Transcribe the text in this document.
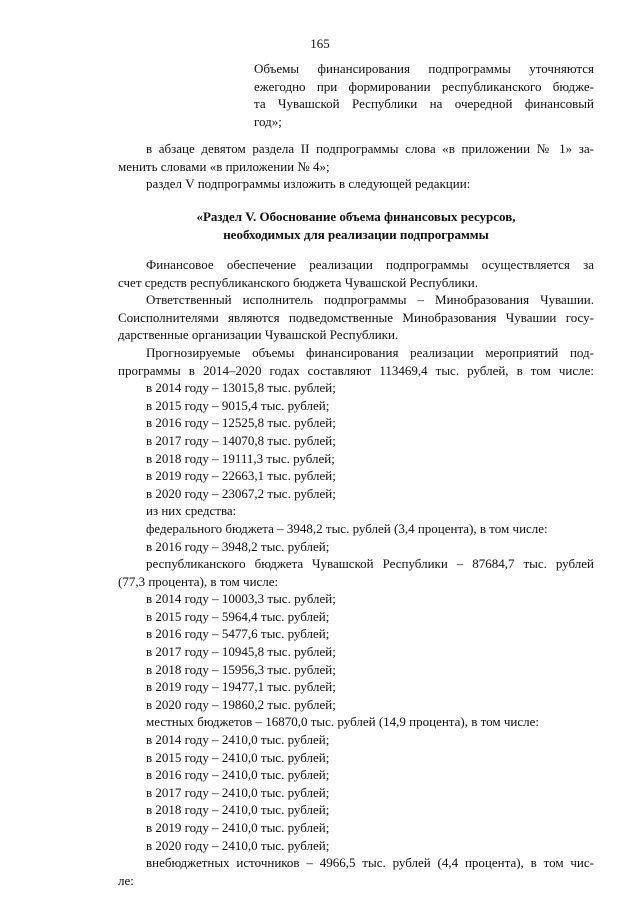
165
Объемы финансирования подпрограммы уточняются
ежегодно при формировании республиканского бюдже-
та Чувашской Республики на очередной финансовый
год»;
в абзаце девятом раздела II подпрограммы слова «в приложении № 1» за-
менить словами «в приложении № 4»;
раздел V подпрограммы изложить в следующей редакции:
«Раздел V. Обоснование объема финансовых ресурсов,
необходимых для реализации подпрограммы
Финансовое обеспечение реализации подпрограммы осуществляется за
счет средств республиканского бюджета Чувашской Республики.
Ответственный исполнитель подпрограммы – Минобразования Чувашии.
Соисполнителями являются подведомственные Минобразования Чувашии госу-
дарственные организации Чувашской Республики.
Прогнозируемые объемы финансирования реализации мероприятий под-
программы в 2014–2020 годах составляют 113469,4 тыс. рублей, в том числе:
в 2014 году – 13015,8 тыс. рублей;
в 2015 году – 9015,4 тыс. рублей;
в 2016 году – 12525,8 тыс. рублей;
в 2017 году – 14070,8 тыс. рублей;
в 2018 году – 19111,3 тыс. рублей;
в 2019 году – 22663,1 тыс. рублей;
в 2020 году – 23067,2 тыс. рублей;
из них средства:
федерального бюджета – 3948,2 тыс. рублей (3,4 процента), в том числе:
в 2016 году – 3948,2 тыс. рублей;
республиканского бюджета Чувашской Республики – 87684,7 тыс. рублей
(77,3 процента), в том числе:
в 2014 году – 10003,3 тыс. рублей;
в 2015 году – 5964,4 тыс. рублей;
в 2016 году – 5477,6 тыс. рублей;
в 2017 году – 10945,8 тыс. рублей;
в 2018 году – 15956,3 тыс. рублей;
в 2019 году – 19477,1 тыс. рублей;
в 2020 году – 19860,2 тыс. рублей;
местных бюджетов – 16870,0 тыс. рублей (14,9 процента), в том числе:
в 2014 году – 2410,0 тыс. рублей;
в 2015 году – 2410,0 тыс. рублей;
в 2016 году – 2410,0 тыс. рублей;
в 2017 году – 2410,0 тыс. рублей;
в 2018 году – 2410,0 тыс. рублей;
в 2019 году – 2410,0 тыс. рублей;
в 2020 году – 2410,0 тыс. рублей;
внебюджетных источников – 4966,5 тыс. рублей (4,4 процента), в том чис-
ле:
